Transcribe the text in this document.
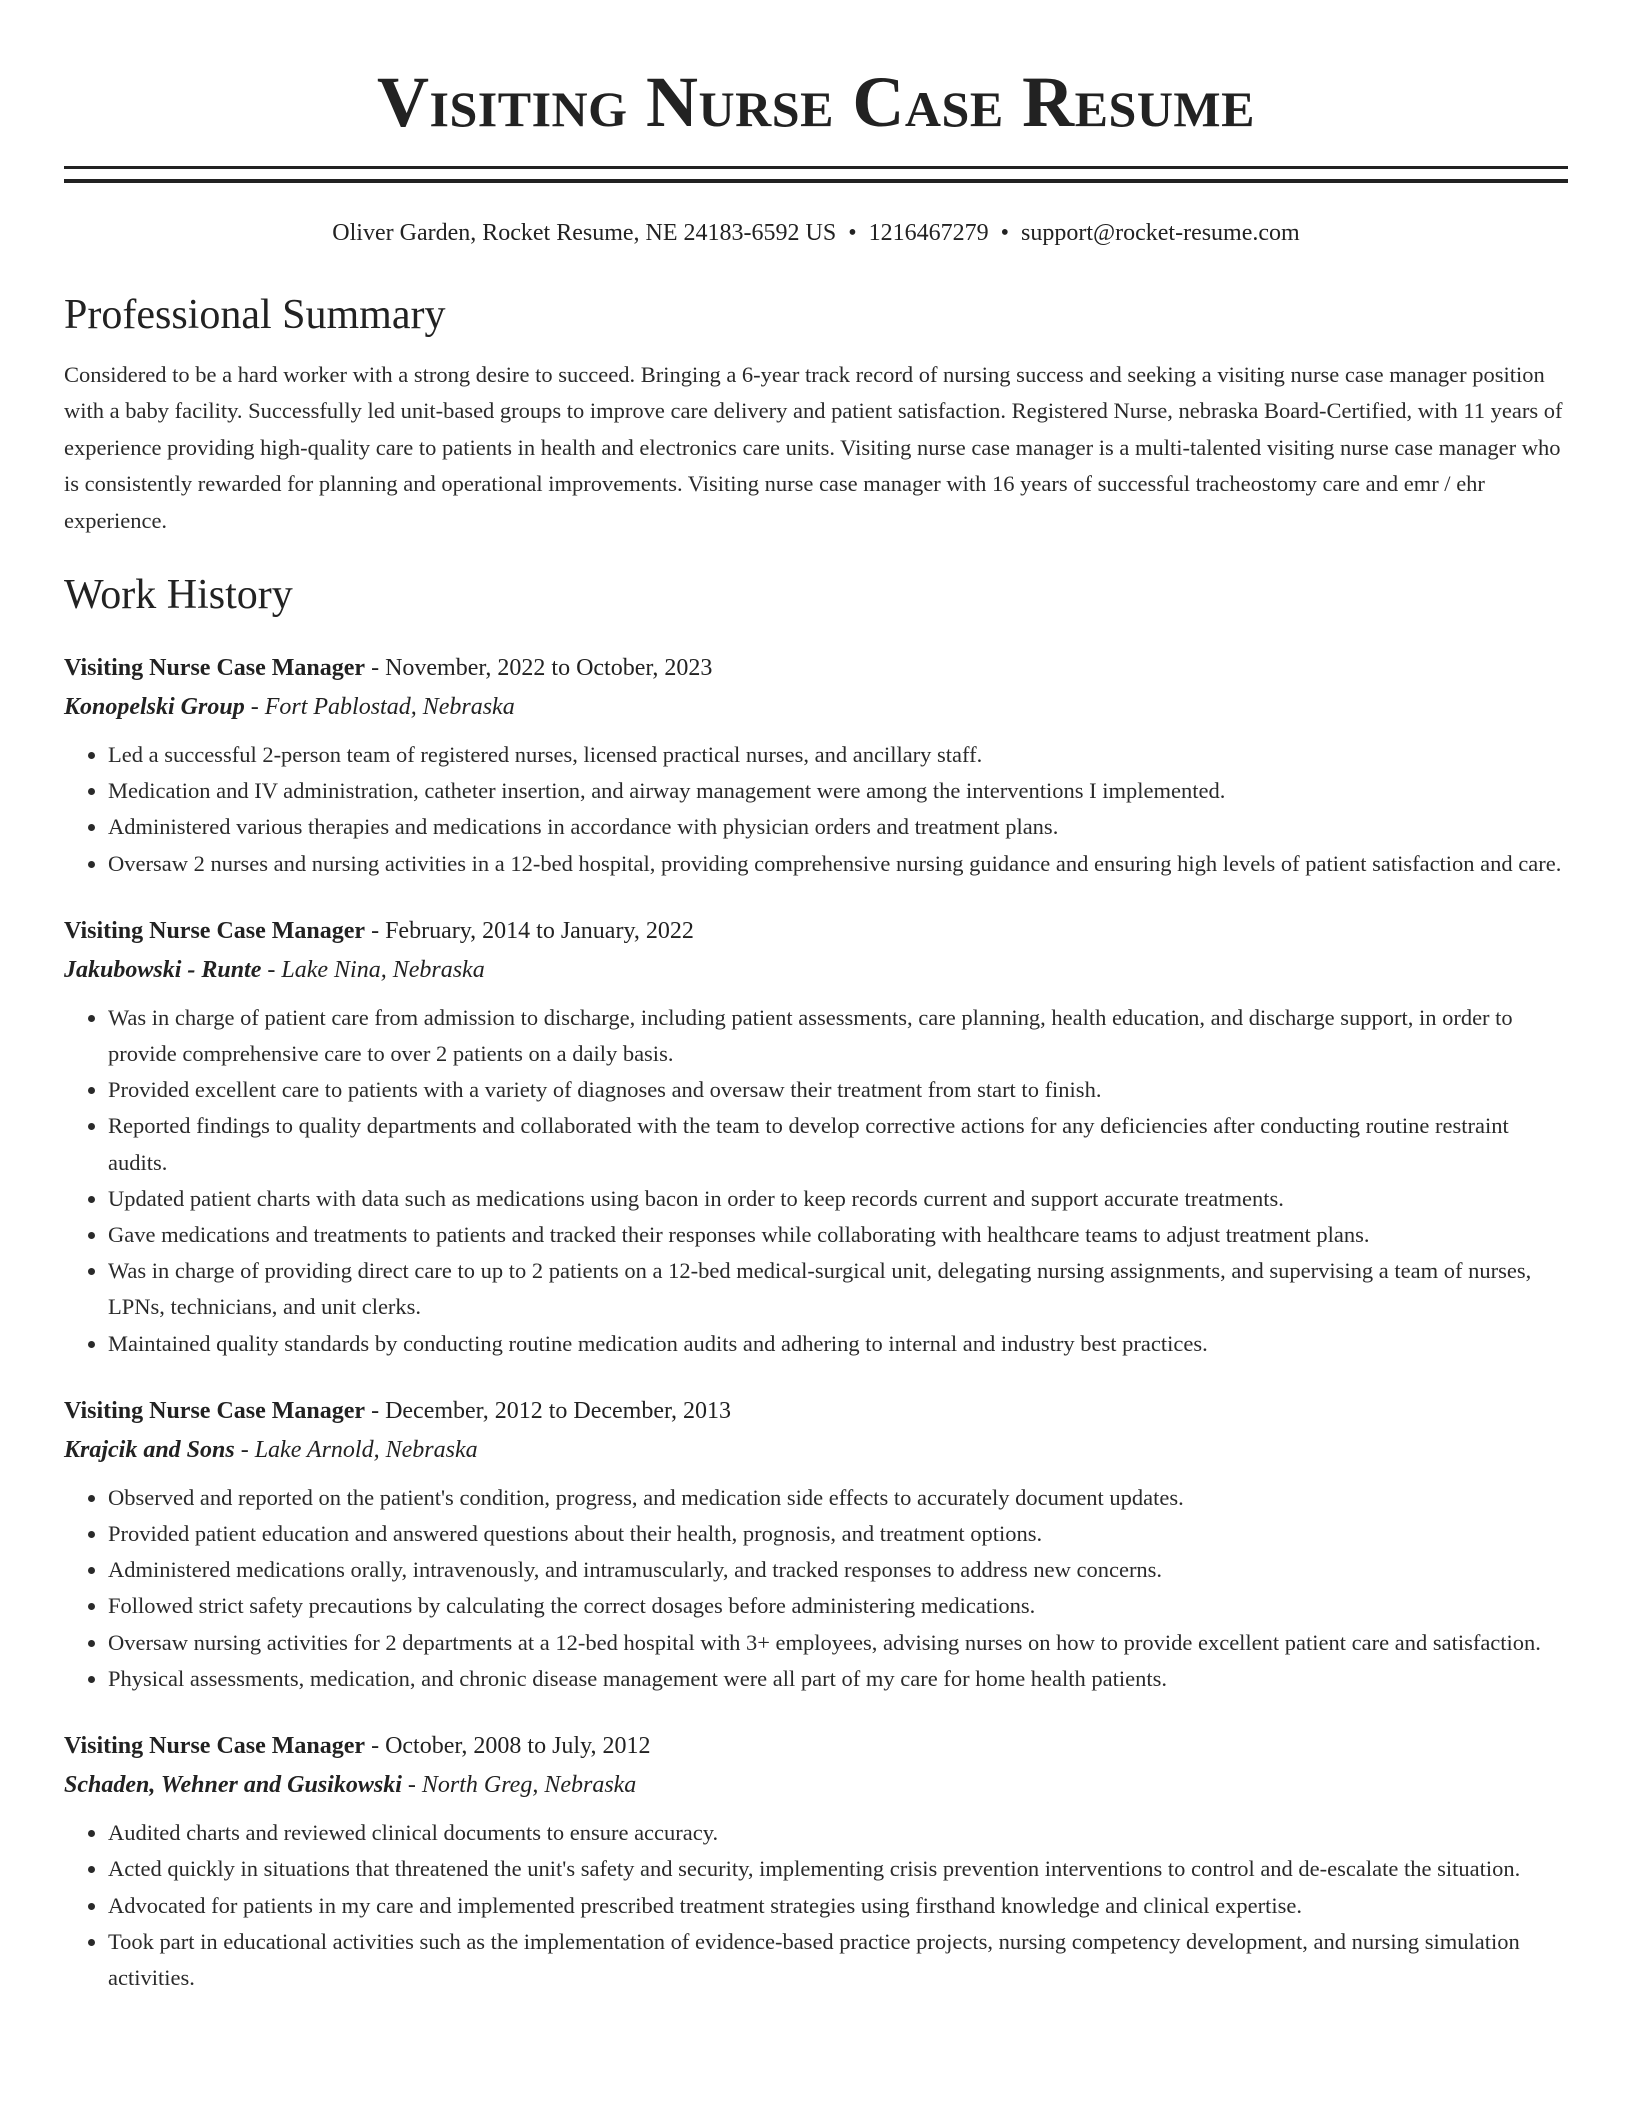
Visiting Nurse Case Resume
Oliver Garden, Rocket Resume, NE 24183-6592 US • 1216467279 • support@rocket-resume.com
Professional Summary

Considered to be a hard worker with a strong desire to succeed. Bringing a 6-year track record of nursing success and seeking a visiting nurse case manager position with a baby facility. Successfully led unit-based groups to improve care delivery and patient satisfaction. Registered Nurse, nebraska Board-Certified, with 11 years of experience providing high-quality care to patients in health and electronics care units. Visiting nurse case manager is a multi-talented visiting nurse case manager who is consistently rewarded for planning and operational improvements. Visiting nurse case manager with 16 years of successful tracheostomy care and emr / ehr experience.

Work History
Visiting Nurse Case Manager - November, 2022 to October, 2023
Konopelski Group - Fort Pablostad, Nebraska
• Led a successful 2-person team of registered nurses, licensed practical nurses, and ancillary staff.
• Medication and IV administration, catheter insertion, and airway management were among the interventions I implemented.
• Administered various therapies and medications in accordance with physician orders and treatment plans.
• Oversaw 2 nurses and nursing activities in a 12-bed hospital, providing comprehensive nursing guidance and ensuring high levels of patient satisfaction and care.
Visiting Nurse Case Manager - February, 2014 to January, 2022
Jakubowski - Runte - Lake Nina, Nebraska
• Was in charge of patient care from admission to discharge, including patient assessments, care planning, health education, and discharge support, in order to provide comprehensive care to over 2 patients on a daily basis.
• Provided excellent care to patients with a variety of diagnoses and oversaw their treatment from start to finish.
• Reported findings to quality departments and collaborated with the team to develop corrective actions for any deficiencies after conducting routine restraint audits.
• Updated patient charts with data such as medications using bacon in order to keep records current and support accurate treatments.
• Gave medications and treatments to patients and tracked their responses while collaborating with healthcare teams to adjust treatment plans.
• Was in charge of providing direct care to up to 2 patients on a 12-bed medical-surgical unit, delegating nursing assignments, and supervising a team of nurses, LPNs, technicians, and unit clerks.
• Maintained quality standards by conducting routine medication audits and adhering to internal and industry best practices.
Visiting Nurse Case Manager - December, 2012 to December, 2013
Krajcik and Sons - Lake Arnold, Nebraska
• Observed and reported on the patient's condition, progress, and medication side effects to accurately document updates.
• Provided patient education and answered questions about their health, prognosis, and treatment options.
• Administered medications orally, intravenously, and intramuscularly, and tracked responses to address new concerns.
• Followed strict safety precautions by calculating the correct dosages before administering medications.
• Oversaw nursing activities for 2 departments at a 12-bed hospital with 3+ employees, advising nurses on how to provide excellent patient care and satisfaction.
• Physical assessments, medication, and chronic disease management were all part of my care for home health patients.
Visiting Nurse Case Manager - October, 2008 to July, 2012
Schaden, Wehner and Gusikowski - North Greg, Nebraska
• Audited charts and reviewed clinical documents to ensure accuracy.
• Acted quickly in situations that threatened the unit's safety and security, implementing crisis prevention interventions to control and de-escalate the situation.
• Advocated for patients in my care and implemented prescribed treatment strategies using firsthand knowledge and clinical expertise.
• Took part in educational activities such as the implementation of evidence-based practice projects, nursing competency development, and nursing simulation activities.
